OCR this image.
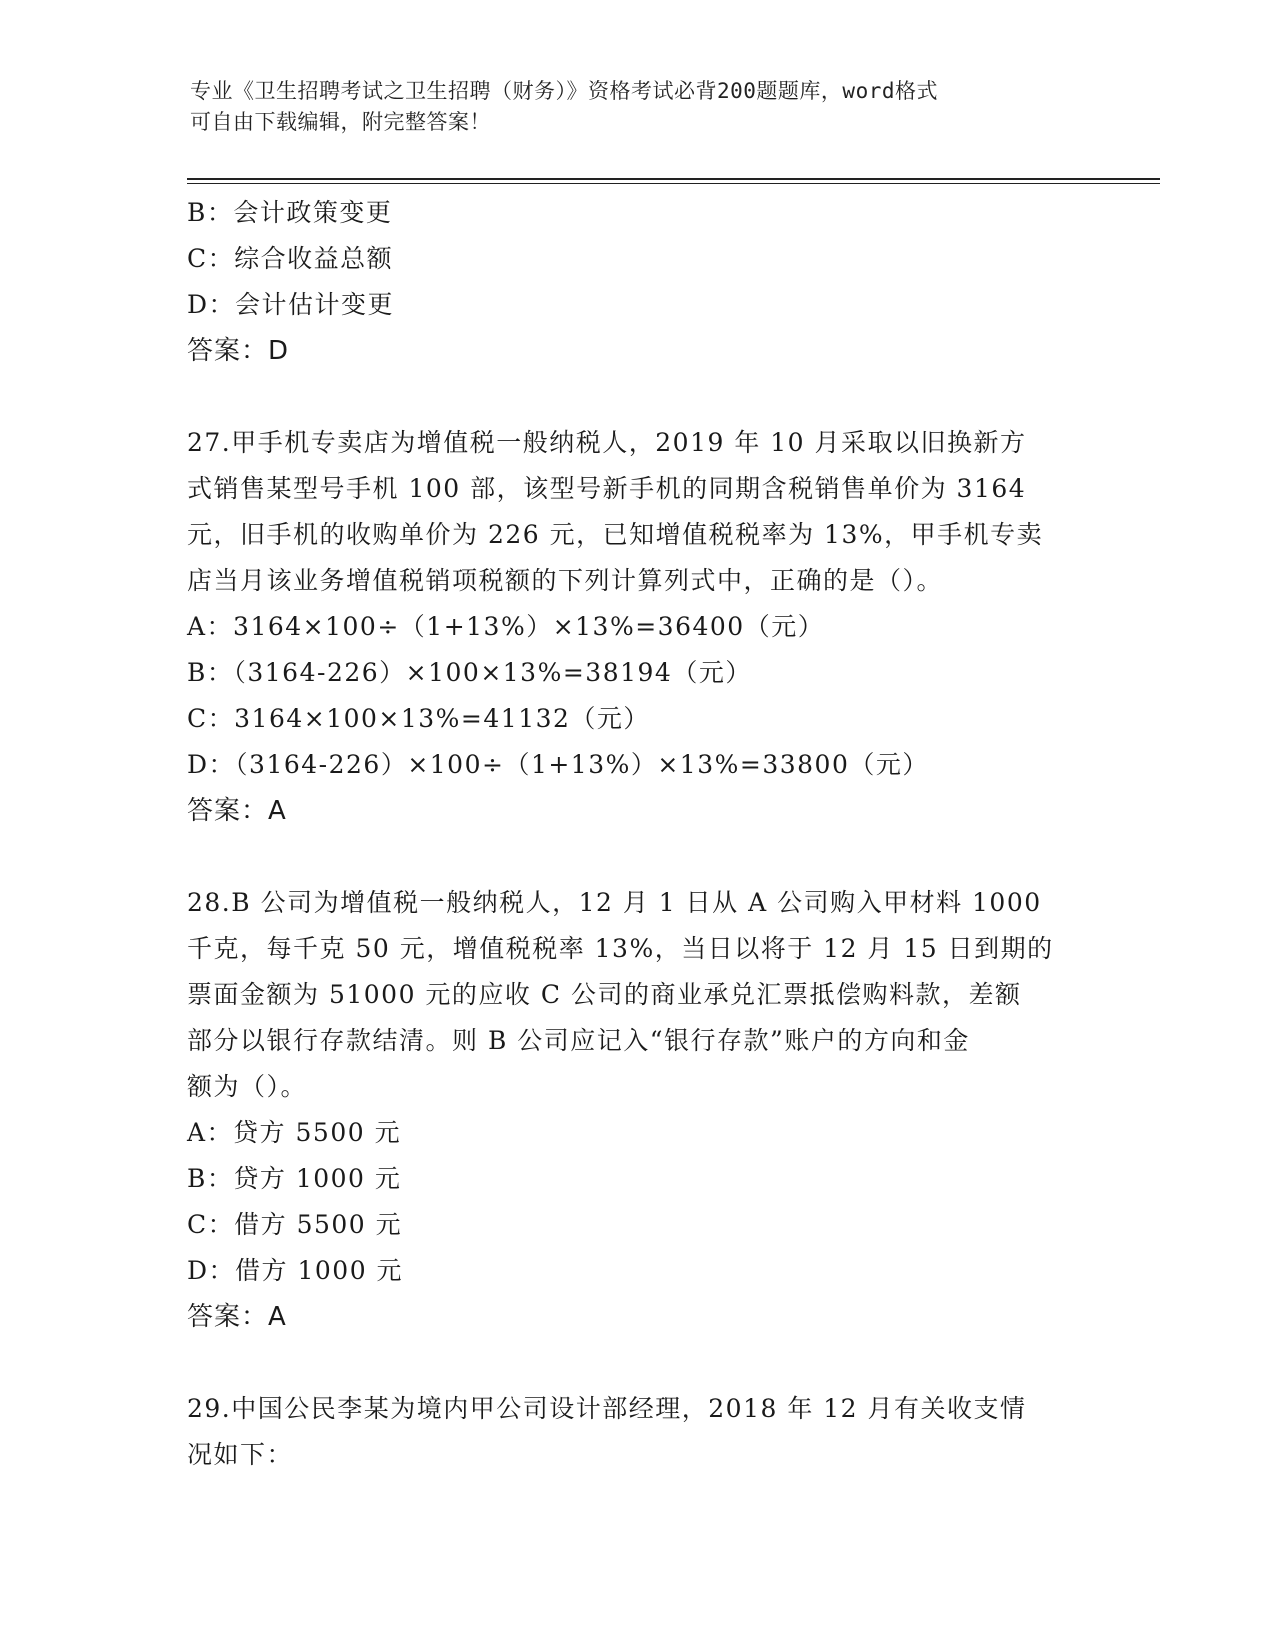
专业《卫生招聘考试之卫生招聘（财务）》资格考试必背200题题库，word格式
可自由下载编辑，附完整答案！
B：会计政策变更
C：综合收益总额
D：会计估计变更
答案：D
27.甲手机专卖店为增值税一般纳税人，2019 年 10 月采取以旧换新方
式销售某型号手机 100 部，该型号新手机的同期含税销售单价为 3164
元，旧手机的收购单价为 226 元，已知增值税税率为 13%，甲手机专卖
店当月该业务增值税销项税额的下列计算列式中，正确的是（）。
A：3164×100÷（1+13%）×13%=36400（元）
B：（3164-226）×100×13%=38194（元）
C：3164×100×13%=41132（元）
D：（3164-226）×100÷（1+13%）×13%=33800（元）
答案：A
28.B 公司为增值税一般纳税人，12 月 1 日从 A 公司购入甲材料 1000
千克，每千克 50 元，增值税税率 13%，当日以将于 12 月 15 日到期的
票面金额为 51000 元的应收 C 公司的商业承兑汇票抵偿购料款，差额
部分以银行存款结清。则 B 公司应记入“银行存款”账户的方向和金
额为（）。
A：贷方 5500 元
B：贷方 1000 元
C：借方 5500 元
D：借方 1000 元
答案：A
29.中国公民李某为境内甲公司设计部经理，2018 年 12 月有关收支情
况如下：
